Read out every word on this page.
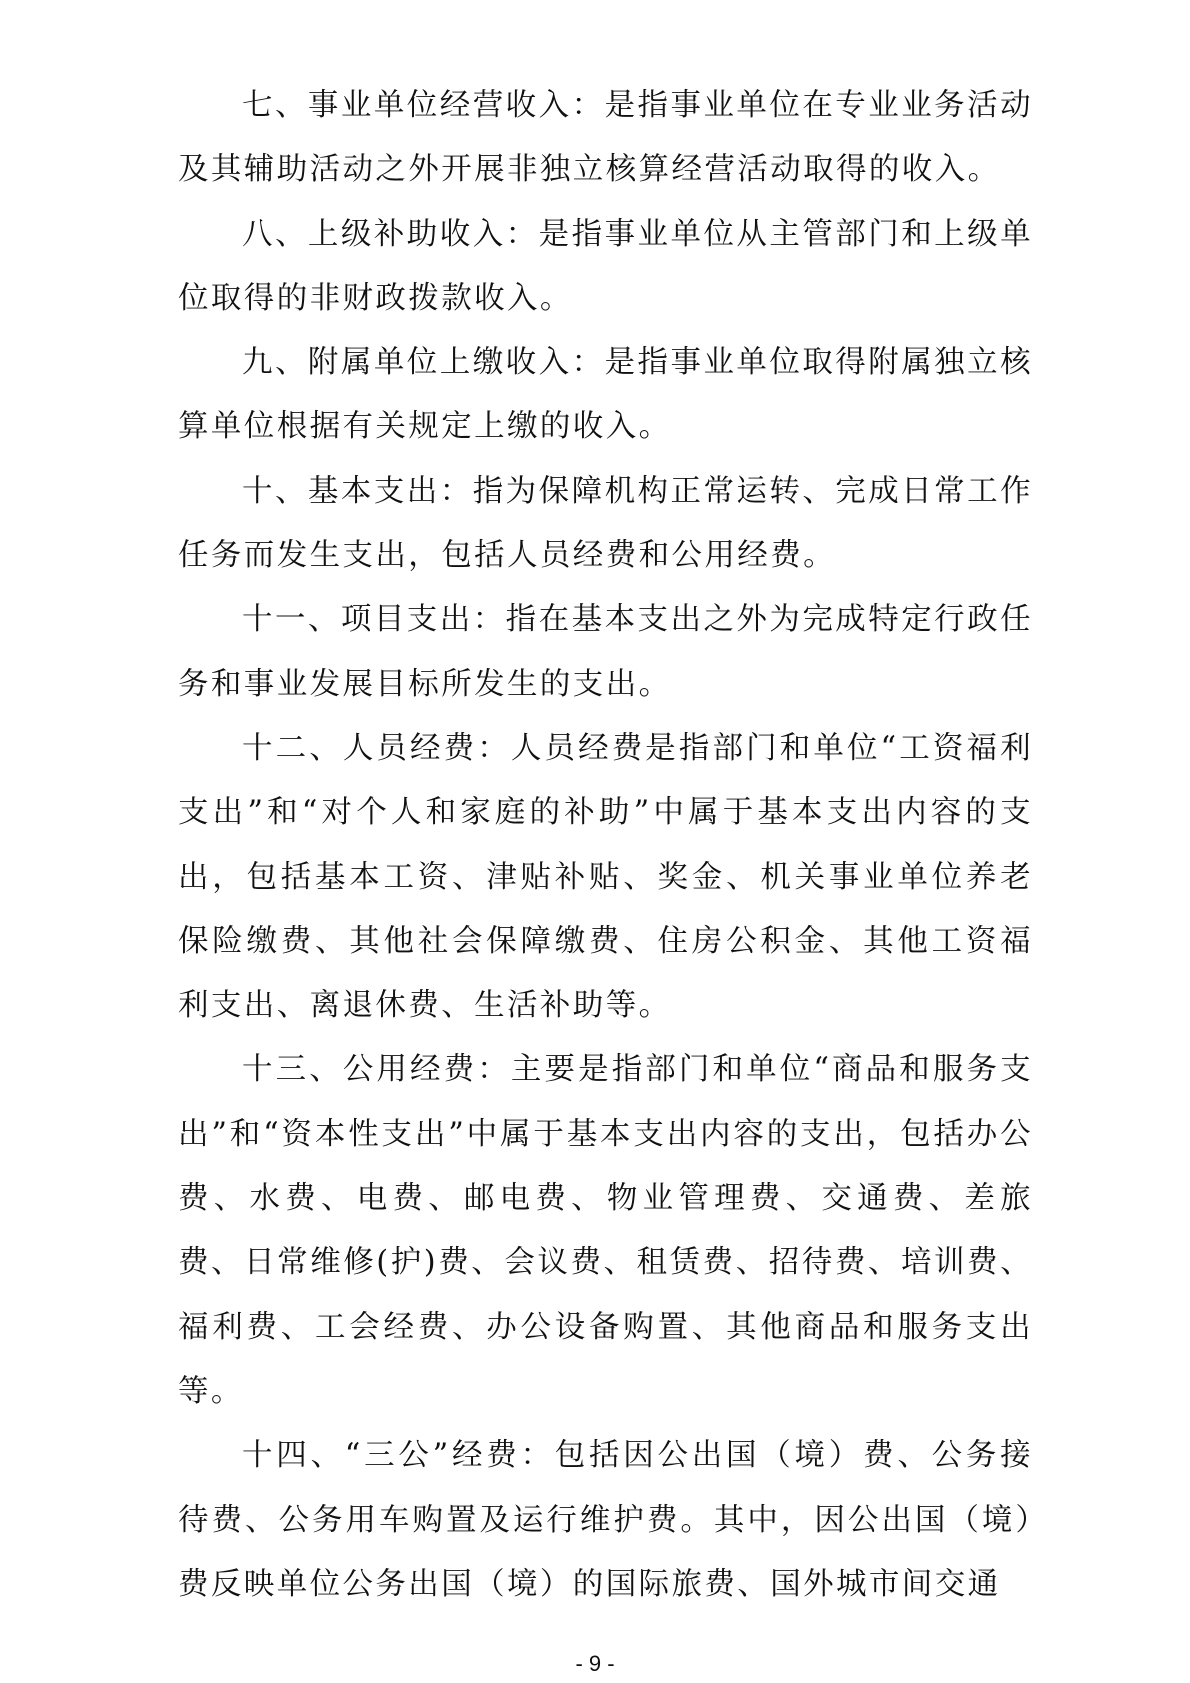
七、事业单位经营收入：是指事业单位在专业业务活动及其辅助活动之外开展非独立核算经营活动取得的收入。

八、上级补助收入：是指事业单位从主管部门和上级单位取得的非财政拨款收入。

九、附属单位上缴收入：是指事业单位取得附属独立核算单位根据有关规定上缴的收入。

十、基本支出：指为保障机构正常运转、完成日常工作任务而发生支出，包括人员经费和公用经费。

十一、项目支出：指在基本支出之外为完成特定行政任务和事业发展目标所发生的支出。

十二、人员经费：人员经费是指部门和单位“工资福利支出”和“对个人和家庭的补助”中属于基本支出内容的支出，包括基本工资、津贴补贴、奖金、机关事业单位养老保险缴费、其他社会保障缴费、住房公积金、其他工资福利支出、离退休费、生活补助等。

十三、公用经费：主要是指部门和单位“商品和服务支出”和“资本性支出”中属于基本支出内容的支出，包括办公费、水费、电费、邮电费、物业管理费、交通费、差旅费、日常维修(护)费、会议费、租赁费、招待费、培训费、福利费、工会经费、办公设备购置、其他商品和服务支出等。

十四、“三公”经费：包括因公出国（境）费、公务接待费、公务用车购置及运行维护费。其中，因公出国（境）费反映单位公务出国（境）的国际旅费、国外城市间交通

- 9 -
